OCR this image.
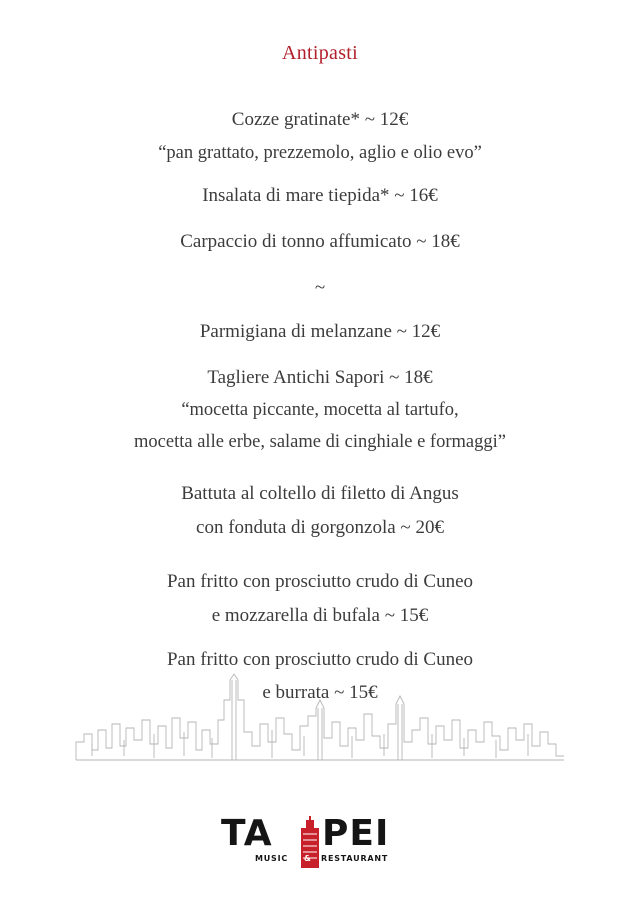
Antipasti
Cozze gratinate* ~ 12€
“pan grattato, prezzemolo, aglio e olio evo”
Insalata di mare tiepida* ~ 16€
Carpaccio di tonno affumicato ~ 18€
~
Parmigiana di melanzane ~ 12€
Tagliere Antichi Sapori ~ 18€
“mocetta piccante, mocetta al tartufo,
mocetta alle erbe, salame di cinghiale e formaggi”
Battuta al coltello di filetto di Angus
con fonduta di gorgonzola ~ 20€
Pan fritto con prosciutto crudo di Cuneo
e mozzarella di bufala ~ 15€
Pan fritto con prosciutto crudo di Cuneo
e burrata ~ 15€
TA PEI
MUSIC & RESTAURANT
